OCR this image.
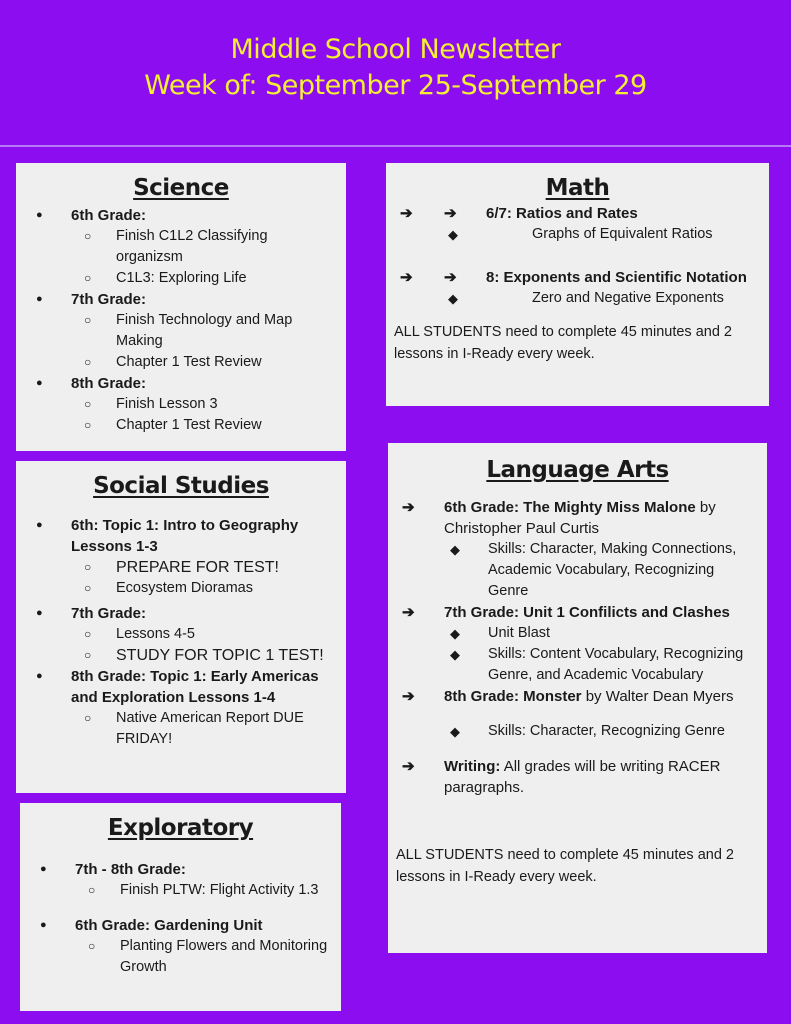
Middle School Newsletter
Week of: September 25-September 29
Science
● 6th Grade:
○ Finish C1L2 Classifying organizsm
○ C1L3: Exploring Life
● 7th Grade:
○ Finish Technology and Map Making
○ Chapter 1 Test Review
● 8th Grade:
○ Finish Lesson 3
○ Chapter 1 Test Review
Social Studies
● 6th: Topic 1: Intro to Geography Lessons 1-3
○ PREPARE FOR TEST!
○ Ecosystem Dioramas
● 7th Grade:
○ Lessons 4-5
○ STUDY FOR TOPIC 1 TEST!
● 8th Grade: Topic 1: Early Americas and Exploration Lessons 1-4
○ Native American Report DUE FRIDAY!
Exploratory
● 7th - 8th Grade:
○ Finish PLTW: Flight Activity 1.3
● 6th Grade: Gardening Unit
○ Planting Flowers and Monitoring Growth
Math
➔ ➔ 6/7: Ratios and Rates
◆ Graphs of Equivalent Ratios
➔ ➔ 8: Exponents and Scientific Notation
◆ Zero and Negative Exponents
ALL STUDENTS need to complete 45 minutes and 2 lessons in I-Ready every week.
Language Arts
➔ 6th Grade: The Mighty Miss Malone by Christopher Paul Curtis
◆ Skills: Character, Making Connections, Academic Vocabulary, Recognizing Genre
➔ 7th Grade: Unit 1 Confilicts and Clashes
◆ Unit Blast
◆ Skills: Content Vocabulary, Recognizing Genre, and Academic Vocabulary
➔ 8th Grade: Monster by Walter Dean Myers
◆ Skills: Character, Recognizing Genre
➔ Writing: All grades will be writing RACER paragraphs.
ALL STUDENTS need to complete 45 minutes and 2 lessons in I-Ready every week.
